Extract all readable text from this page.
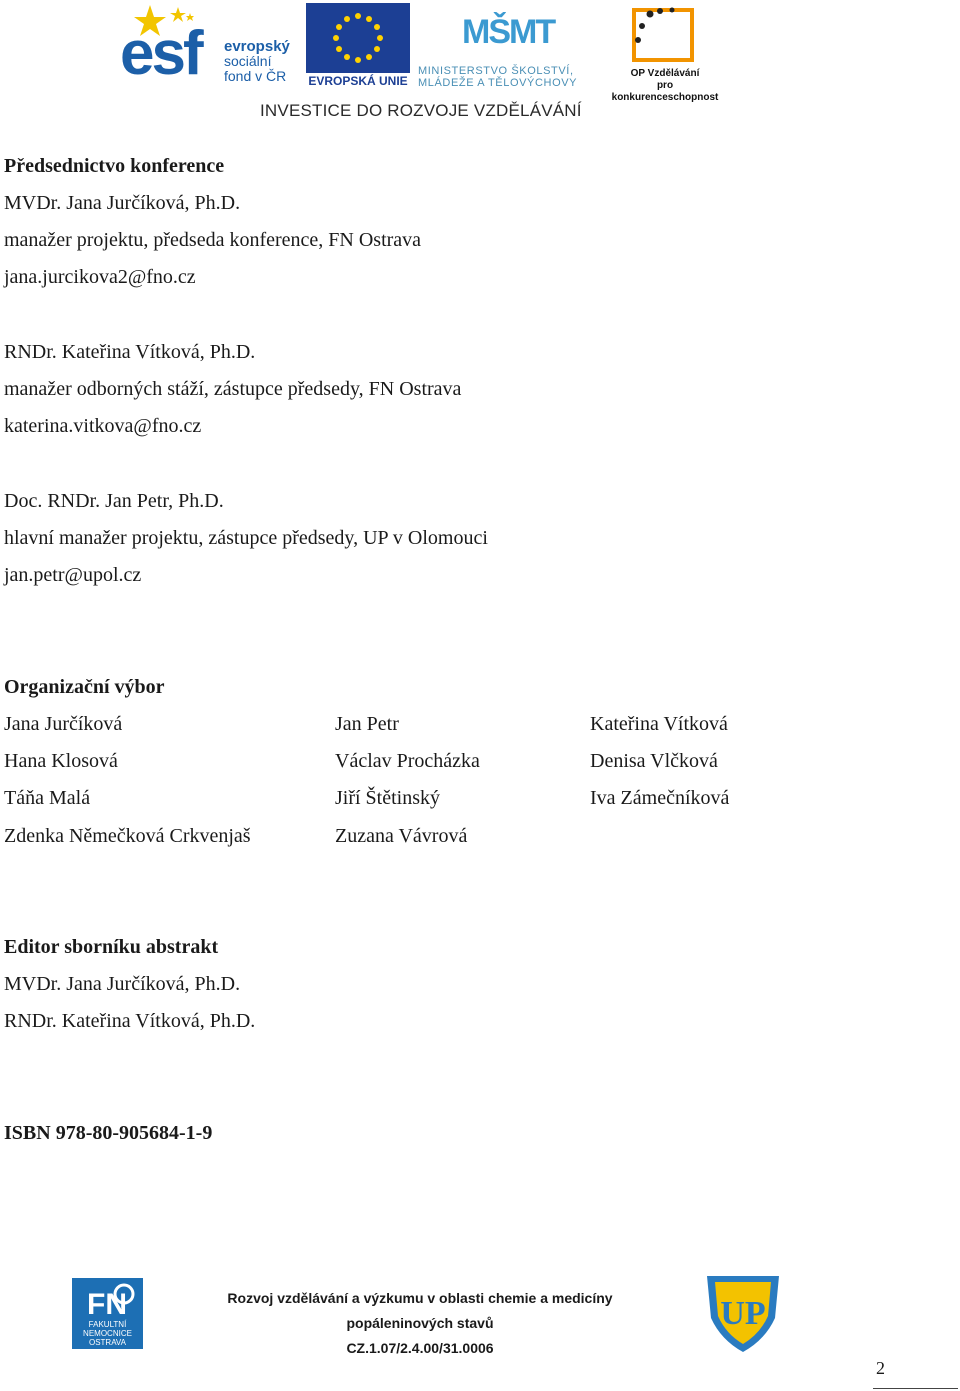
esf evropský
sociální
fond v ČR	EVROPSKÁ UNIE
MŠMT
MINISTERSTVO ŠKOLSTVÍ,
MLÁDEŽE A TĚLOVÝCHOVY
OP Vzdělávání
pro konkurenceschopnost
INVESTICE DO ROZVOJE VZDĚLÁVÁNÍ
Předsednictvo konference
MVDr. Jana Jurčíková, Ph.D.
manažer projektu, předseda konference, FN Ostrava
jana.jurcikova2@fno.cz
RNDr. Kateřina Vítková, Ph.D.
manažer odborných stáží, zástupce předsedy, FN Ostrava
katerina.vitkova@fno.cz
Doc. RNDr. Jan Petr, Ph.D.
hlavní manažer projektu, zástupce předsedy, UP v Olomouci
jan.petr@upol.cz
Organizační výbor
Jana Jurčíková
Hana Klosová
Táňa Malá
Zdenka Němečková Crkvenjaš
Jan Petr
Václav Procházka
Jiří Štětinský
Zuzana Vávrová
Kateřina Vítková
Denisa Vlčková
Iva Zámečníková
Editor sborníku abstrakt
MVDr. Jana Jurčíková, Ph.D.
RNDr. Kateřina Vítková, Ph.D.
ISBN 978-80-905684-1-9
FN
FAKULTNÍ
NEMOCNICE
OSTRAVA
Rozvoj vzdělávání a výzkumu v oblasti chemie a medicíny
popáleninových stavů
CZ.1.07/2.4.00/31.0006
UP
2
